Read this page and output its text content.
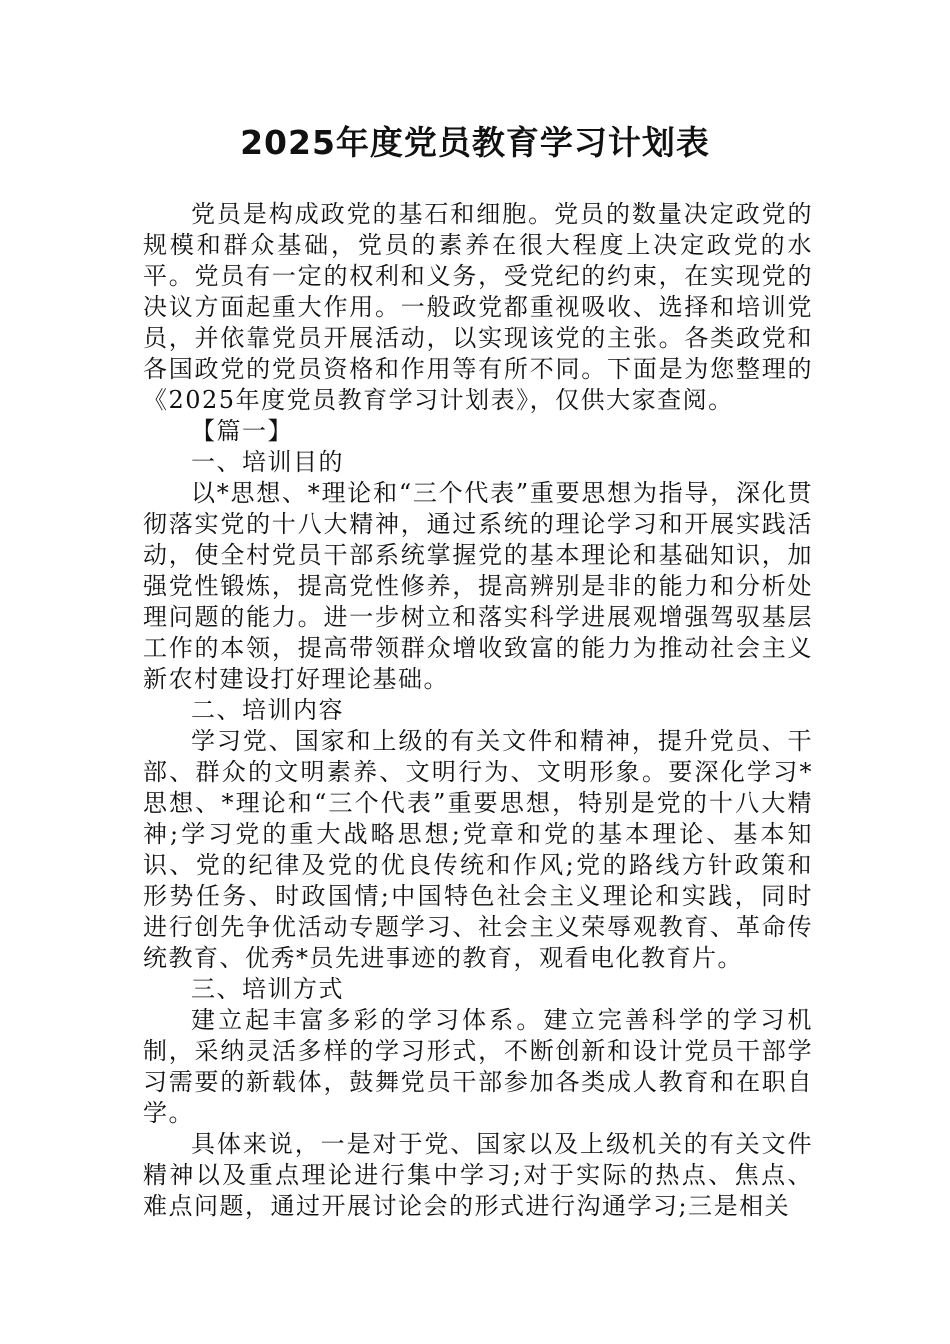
2025年度党员教育学习计划表

党员是构成政党的基石和细胞。党员的数量决定政党的规模和群众基础，党员的素养在很大程度上决定政党的水平。党员有一定的权利和义务，受党纪的约束，在实现党的决议方面起重大作用。一般政党都重视吸收、选择和培训党员，并依靠党员开展活动，以实现该党的主张。各类政党和各国政党的党员资格和作用等有所不同。下面是为您整理的《2025年度党员教育学习计划表》，仅供大家查阅。

【篇一】

一、培训目的

以*思想、*理论和“三个代表”重要思想为指导，深化贯彻落实党的十八大精神，通过系统的理论学习和开展实践活动，使全村党员干部系统掌握党的基本理论和基础知识，加强党性锻炼，提高党性修养，提高辨别是非的能力和分析处理问题的能力。进一步树立和落实科学进展观增强驾驭基层工作的本领，提高带领群众增收致富的能力为推动社会主义新农村建设打好理论基础。

二、培训内容

学习党、国家和上级的有关文件和精神，提升党员、干部、群众的文明素养、文明行为、文明形象。要深化学习*思想、*理论和“三个代表”重要思想，特别是党的十八大精神;学习党的重大战略思想;党章和党的基本理论、基本知识、党的纪律及党的优良传统和作风;党的路线方针政策和形势任务、时政国情;中国特色社会主义理论和实践，同时进行创先争优活动专题学习、社会主义荣辱观教育、革命传统教育、优秀*员先进事迹的教育，观看电化教育片。

三、培训方式

建立起丰富多彩的学习体系。建立完善科学的学习机制，采纳灵活多样的学习形式，不断创新和设计党员干部学习需要的新载体，鼓舞党员干部参加各类成人教育和在职自学。

具体来说，一是对于党、国家以及上级机关的有关文件精神以及重点理论进行集中学习;对于实际的热点、焦点、难点问题，通过开展讨论会的形式进行沟通学习;三是相关
